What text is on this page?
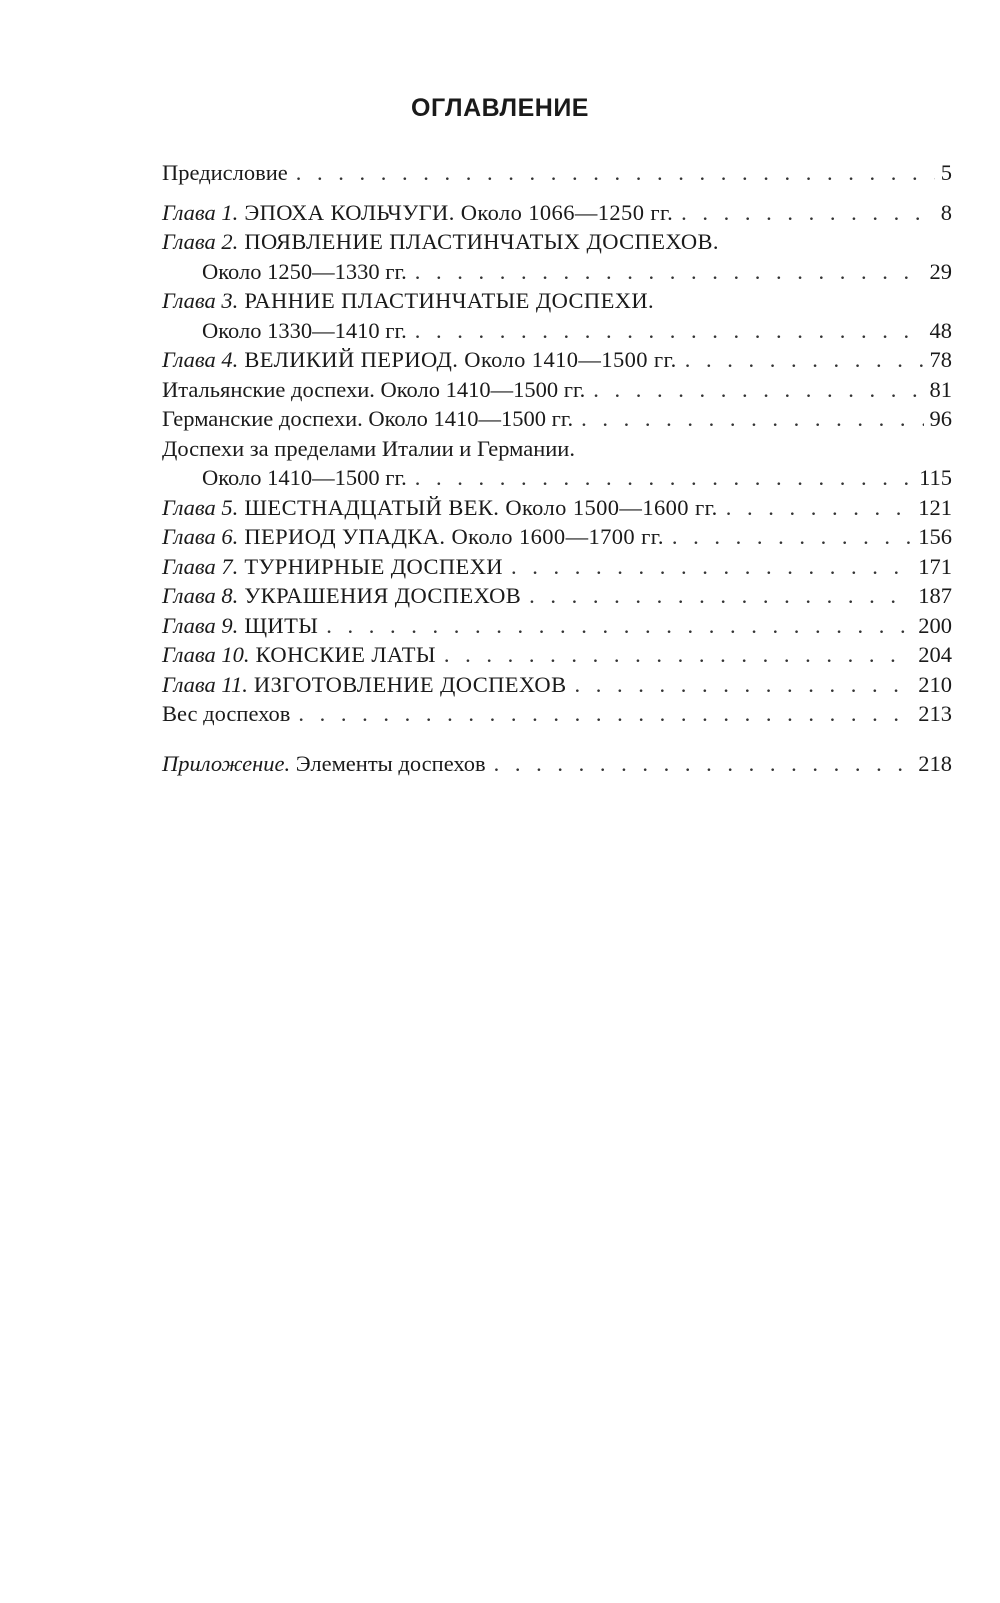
ОГЛАВЛЕНИЕ
Предисловие . . .	5
Глава 1. ЭПОХА КОЛЬЧУГИ. Около 1066—1250 гг. . . .	8
Глава 2. ПОЯВЛЕНИЕ ПЛАСТИНЧАТЫХ ДОСПЕХОВ.
Около 1250—1330 гг. . . .	29
Глава 3. РАННИЕ ПЛАСТИНЧАТЫЕ ДОСПЕХИ.
Около 1330—1410 гг. . . .	48
Глава 4. ВЕЛИКИЙ ПЕРИОД. Около 1410—1500 гг. . . .	78
Итальянские доспехи. Около 1410—1500 гг. . . .	81
Германские доспехи. Около 1410—1500 гг. . . .	96
Доспехи за пределами Италии и Германии.
Около 1410—1500 гг. . . .	115
Глава 5. ШЕСТНАДЦАТЫЙ ВЕК. Около 1500—1600 гг. . . .	121
Глава 6. ПЕРИОД УПАДКА. Около 1600—1700 гг. . . .	156
Глава 7. ТУРНИРНЫЕ ДОСПЕХИ . . .	171
Глава 8. УКРАШЕНИЯ ДОСПЕХОВ . . .	187
Глава 9. ЩИТЫ . . .	200
Глава 10. КОНСКИЕ ЛАТЫ . . .	204
Глава 11. ИЗГОТОВЛЕНИЕ ДОСПЕХОВ . . .	210
Вес доспехов . . .	213
Приложение. Элементы доспехов . . .	218
